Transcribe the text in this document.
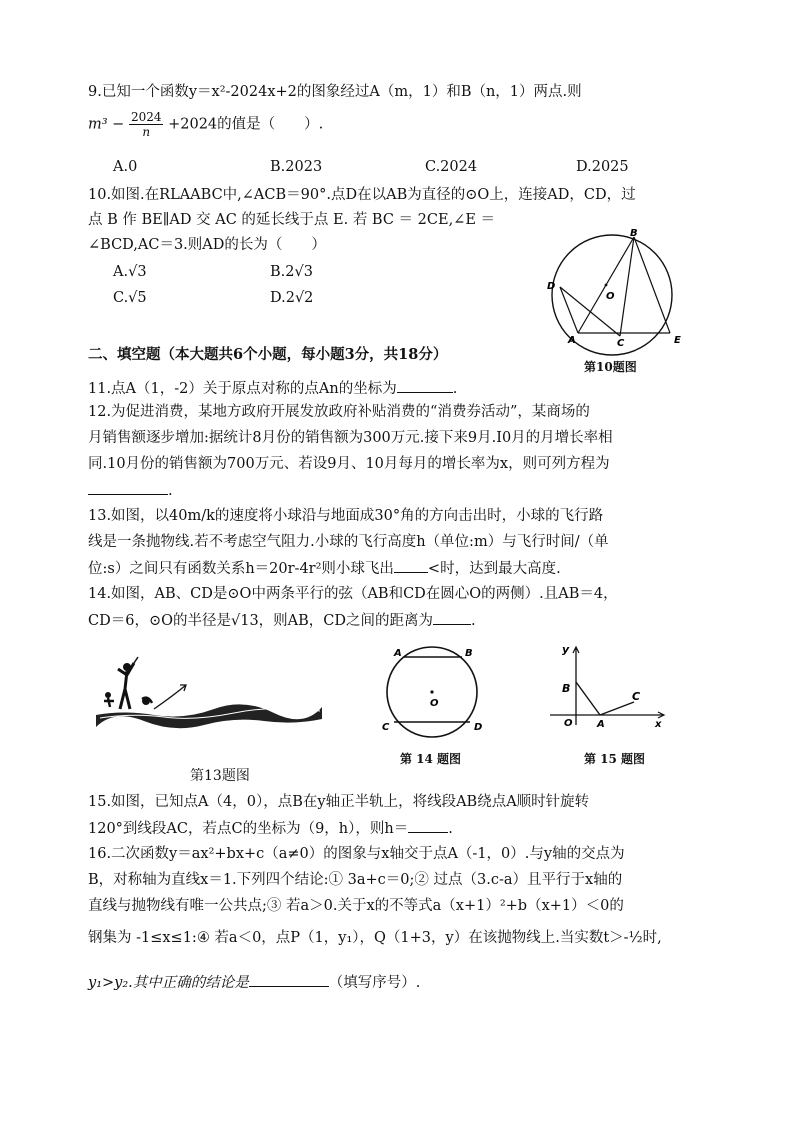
9.已知一个函数y＝x²-2024x+2的图象经过A（m，1）和B（n，1）两点.则
$m^3 - \frac{2024}{n} +2024$的值是（　　）.
A.0	B.2023	C.2024	D.2025
10.如图.在RLAABC中,∠ACB＝90°.点D在以AB为直径的⊙O上，连接AD，CD，过
点 B 作 BE∥AD 交 AC 的延长线于点 E. 若 BC ＝ 2CE,∠E ＝
∠BCD,AC＝3.则AD的长为（　　）
A.√3	B.2√3
C.√5	D.2√2
B
D
O
A	C	E
第10题图
二、填空题（本大题共6个小题，每小题3分，共18分）
11.点A（1，-2）关于原点对称的点An的坐标为	.
12.为促进消费，某地方政府开展发放政府补贴消费的“消费券活动”，某商场的
月销售额逐步增加:据统计8月份的销售额为300万元.接下来9月.I0月的月增长率相
同.10月份的销售额为700万元、若设9月、10月每月的增长率为x，则可列方程为
.
13.如图，以40m/k的速度将小球沿与地面成30°角的方向击出时，小球的飞行路
线是一条抛物线.若不考虑空气阻力.小球的飞行高度h（单位:m）与飞行时间/（单
位:s）之间只有函数关系h＝20r-4r²则小球飞出 <时，达到最大高度.
14.如图，AB、CD是⊙O中两条平行的弦（AB和CD在圆心O的两侧）.且AB＝4，
CD＝6，⊙O的半径是√13，则AB，CD之间的距离为	.
第13题图
A	B
O
C	D
第 14 题图
y
B
C
O A	x
第 15 题图
15.如图，已知点A（4，0），点B在y轴正半轨上，将线段AB绕点A顺时针旋转
120°到线段AC，若点C的坐标为（9，h），则h＝	.
16.二次函数y＝ax²+bx+c（a≠0）的图象与x轴交于点A（-1，0）.与y轴的交点为
B，对称轴为直线x＝1.下列四个结论:① 3a+c＝0;② 过点（3.c-a）且平行于x轴的
直线与抛物线有唯一公共点;③ 若a＞0.关于x的不等式a（x+1）²+b（x+1）＜0的
钢集为 -1≤x≤1:④ 若a＜0，点P（1，y₁），Q（1+3，y）在该抛物线上.当实数t＞-½时,
y₁>y₂.其中正确的结论是	（填写序号）.
